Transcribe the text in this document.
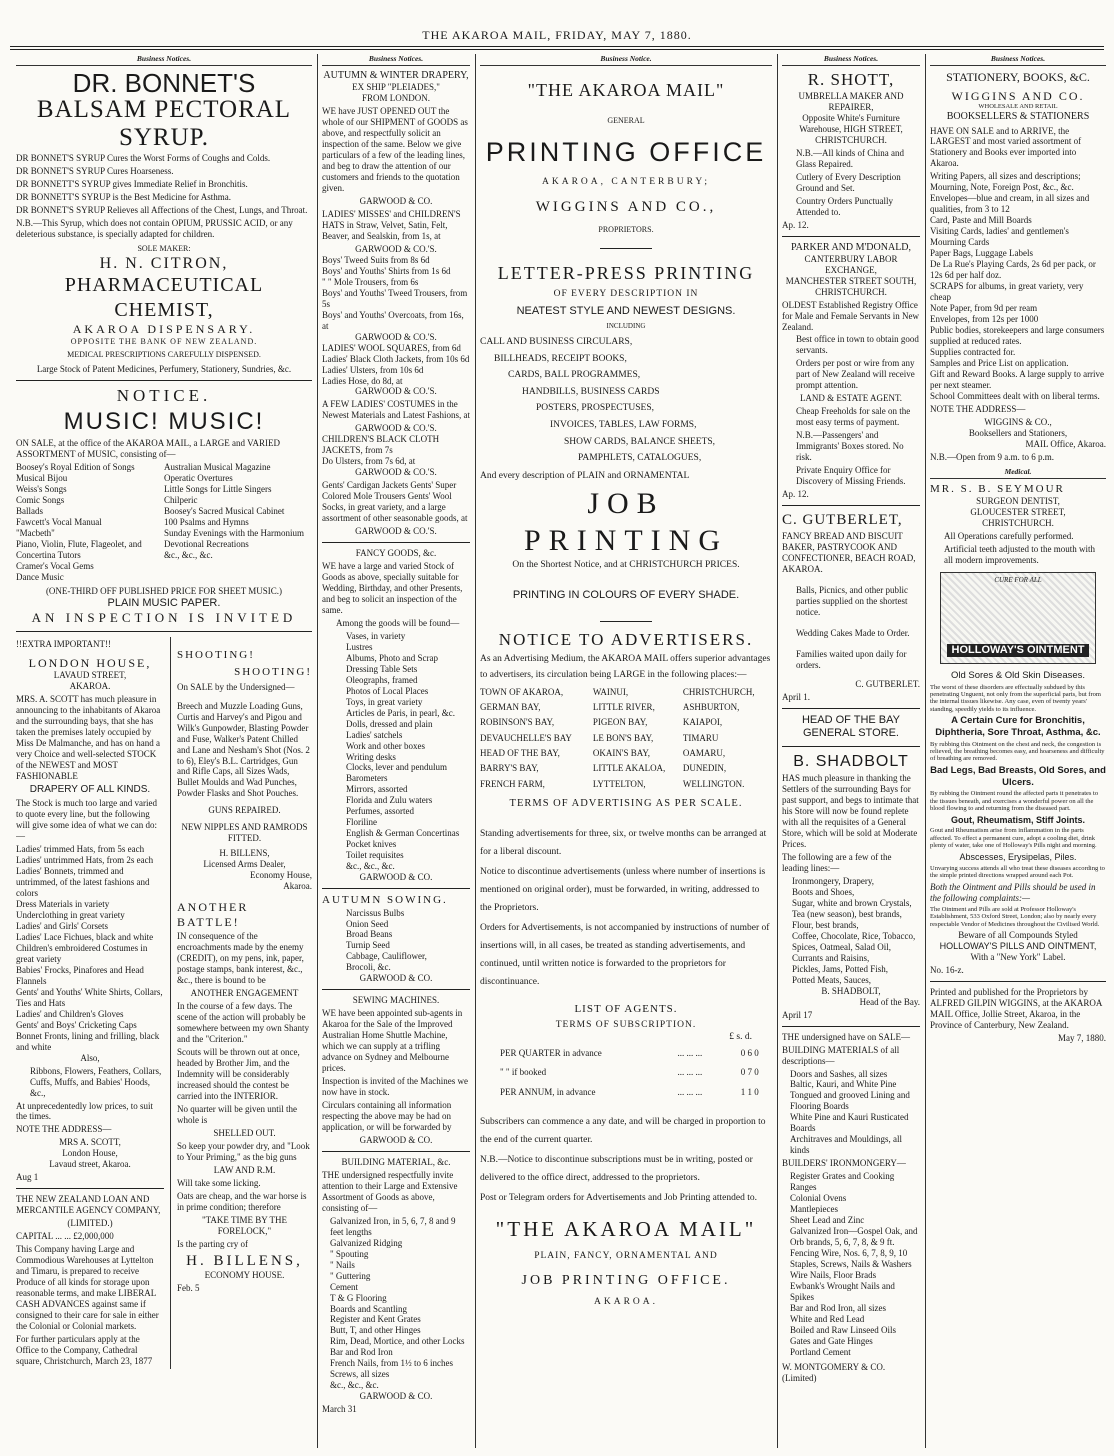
THE AKAROA MAIL, FRIDAY, MAY 7, 1880.
Business Notices.
DR. BONNET'S
BALSAM PECTORAL SYRUP.

DR BONNET'S SYRUP Cures the Worst Forms of Coughs and Colds.

DR BONNET'S SYRUP Cures Hoarseness.

DR BONNETT'S SYRUP gives Immediate Relief in Bronchitis.

DR BONNETT'S SYRUP is the Best Medicine for Asthma.

DR BONNET'S SYRUP Relieves all Affections of the Chest, Lungs, and Throat.

N.B.—This Syrup, which does not contain OPIUM, PRUSSIC ACID, or any deleterious substance, is specially adapted for children.

SOLE MAKER:
H. N. CITRON,
PHARMACEUTICAL CHEMIST,
AKAROA DISPENSARY.
OPPOSITE THE BANK OF NEW ZEALAND.
MEDICAL PRESCRIPTIONS CAREFULLY DISPENSED.
Large Stock of Patent Medicines, Perfumery, Stationery, Sundries, &c.
NOTICE.
MUSIC! MUSIC!

ON SALE, at the office of the AKAROA MAIL, a LARGE and VARIED ASSORTMENT of MUSIC, consisting of—

Boosey's Royal Edition of Songs
Musical Bijou
Weiss's Songs
Comic Songs
Ballads
Fawcett's Vocal Manual
"Macbeth"
Piano, Violin, Flute, Flageolet, and Concertina Tutors
Cramer's Vocal Gems
Dance Music
Australian Musical Magazine
Operatic Overtures
Little Songs for Little Singers
Chilperic
Boosey's Sacred Musical Cabinet
100 Psalms and Hymns
Sunday Evenings with the Harmonium
Devotional Recreations
&c., &c., &c.
(ONE-THIRD OFF PUBLISHED PRICE FOR SHEET MUSIC.)
PLAIN MUSIC PAPER.
AN INSPECTION IS INVITED

!!EXTRA IMPORTANT!!

LONDON HOUSE,
LAVAUD STREET,
AKAROA.

MRS. A. SCOTT has much pleasure in announcing to the inhabitants of Akaroa and the surrounding bays, that she has taken the premises lately occupied by Miss De Malmanche, and has on hand a very Choice and well-selected STOCK of the NEWEST and MOST FASHIONABLE

DRAPERY OF ALL KINDS.

The Stock is much too large and varied to quote every line, but the following will give some idea of what we can do:—

Ladies' trimmed Hats, from 5s each
Ladies' untrimmed Hats, from 2s each
Ladies' Bonnets, trimmed and untrimmed, of the latest fashions and colors
Dress Materials in variety
Underclothing in great variety
Ladies' and Girls' Corsets
Ladies' Lace Fichues, black and white
Children's embroidered Costumes in great variety
Babies' Frocks, Pinafores and Head Flannels
Gents' and Youths' White Shirts, Collars, Ties and Hats
Ladies' and Children's Gloves
Gents' and Boys' Cricketing Caps
Bonnet Fronts, lining and frilling, black and white
Also,

Ribbons, Flowers, Feathers, Collars, Cuffs, Muffs, and Babies' Hoods, &c.,

At unprecedentedly low prices, to suit the times.

NOTE THE ADDRESS—

MRS A. SCOTT,
London House,
Lavaud street, Akaroa.

Aug 1

THE NEW ZEALAND LOAN AND MERCANTILE AGENCY COMPANY,

(LIMITED.)

CAPITAL ... ... £2,000,000

This Company having Large and Commodious Warehouses at Lyttelton and Timaru, is prepared to receive Produce of all kinds for storage upon reasonable terms, and make LIBERAL CASH ADVANCES against same if consigned to their care for sale in either the Colonial or Colonial markets.

For further particulars apply at the Office to the Company, Cathedral square, Christchurch, March 23, 1877

SHOOTING!
SHOOTING!

On SALE by the Undersigned—

Breech and Muzzle Loading Guns, Curtis and Harvey's and Pigou and Wilk's Gunpowder, Blasting Powder and Fuse, Walker's Patent Chilled and Lane and Nesham's Shot (Nos. 2 to 6), Eley's B.L. Cartridges, Gun and Rifle Caps, all Sizes Wads, Bullet Moulds and Wad Punches, Powder Flasks and Shot Pouches.

GUNS REPAIRED.
NEW NIPPLES AND RAMRODS FITTED.
H. BILLENS,
Licensed Arms Dealer,
Economy House,
Akaroa.
ANOTHER BATTLE!

IN consequence of the encroachments made by the enemy (CREDIT), on my pens, ink, paper, postage stamps, bank interest, &c., &c., there is bound to be

ANOTHER ENGAGEMENT

In the course of a few days. The scene of the action will probably be somewhere between my own Shanty and the "Criterion."

Scouts will be thrown out at once, headed by Brother Jim, and the Indemnity will be considerably increased should the contest be carried into the INTERIOR.

No quarter will be given until the whole is

SHELLED OUT.

So keep your powder dry, and "Look to Your Priming," as the big guns

LAW AND R.M.

Will take some licking.

Oats are cheap, and the war horse is in prime condition; therefore

"TAKE TIME BY THE FORELOCK,"

Is the parting cry of

H. BILLENS,
ECONOMY HOUSE.

Feb. 5

Business Notices.
AUTUMN & WINTER DRAPERY,
EX SHIP "PLEIADES,"
FROM LONDON.

WE have JUST OPENED OUT the whole of our SHIPMENT of GOODS as above, and respectfully solicit an inspection of the same. Below we give particulars of a few of the leading lines, and beg to draw the attention of our customers and friends to the quotation given.

GARWOOD & CO.

LADIES' MISSES' and CHILDREN'S HATS in Straw, Velvet, Satin, Felt, Beaver, and Sealskin, from 1s, at

GARWOOD & CO.'S.
Boys' Tweed Suits from 8s 6d
Boys' and Youths' Shirts from 1s 6d
" " Mole Trousers, from 6s
Boys' and Youths' Tweed Trousers, from 5s
Boys' and Youths' Overcoats, from 16s, at
GARWOOD & CO.'S.
LADIES' WOOL SQUARES, from 6d
Ladies' Black Cloth Jackets, from 10s 6d
Ladies' Ulsters, from 10s 6d
Ladies Hose, do 8d, at
GARWOOD & CO.'S.

A FEW LADIES' COSTUMES in the Newest Materials and Latest Fashions, at

GARWOOD & CO.'S.
CHILDREN'S BLACK CLOTH JACKETS, from 7s
Do Ulsters, from 7s 6d, at
GARWOOD & CO.'S.

Gents' Cardigan Jackets Gents' Super Colored Mole Trousers Gents' Wool Socks, in great variety, and a large assortment of other seasonable goods, at

GARWOOD & CO.'S.
FANCY GOODS, &c.

WE have a large and varied Stock of Goods as above, specially suitable for Wedding, Birthday, and other Presents, and beg to solicit an inspection of the same.

Among the goods will be found—

Vases, in variety
Lustres
Albums, Photo and Scrap
Dressing Table Sets
Oleographs, framed
Photos of Local Places
Toys, in great variety
Articles de Paris, in pearl, &c.
Dolls, dressed and plain
Ladies' satchels
Work and other boxes
Writing desks
Clocks, lever and pendulum
Barometers
Mirrors, assorted
Florida and Zulu waters
Perfumes, assorted
Floriline
English & German Concertinas
Pocket knives
Toilet requisites
&c., &c., &c.
GARWOOD & CO.
AUTUMN SOWING.
Narcissus Bulbs
Onion Seed
Broad Beans
Turnip Seed
Cabbage, Cauliflower,
Brocoli, &c.
GARWOOD & CO.
SEWING MACHINES.

WE have been appointed sub-agents in Akaroa for the Sale of the Improved Australian Home Shuttle Machine, which we can supply at a trifling advance on Sydney and Melbourne prices.

Inspection is invited of the Machines we now have in stock.

Circulars containing all information respecting the above may be had on application, or will be forwarded by

GARWOOD & CO.
BUILDING MATERIAL, &c.

THE undersigned respectfully invite attention to their Large and Extensive Assortment of Goods as above, consisting of—

Galvanized Iron, in 5, 6, 7, 8 and 9 feet lengths
Galvanized Ridging
" Spouting
" Nails
" Guttering
Cement
T & G Flooring
Boards and Scantling
Register and Kent Grates
Butt, T, and other Hinges
Rim, Dead, Mortice, and other Locks
Bar and Rod Iron
French Nails, from 1½ to 6 inches
Screws, all sizes
&c., &c., &c.
GARWOOD & CO.

March 31

Business Notice.
"THE AKAROA MAIL"
GENERAL
PRINTING OFFICE
AKAROA, CANTERBURY;
WIGGINS AND CO.,
PROPRIETORS.
LETTER-PRESS PRINTING
OF EVERY DESCRIPTION IN
NEATEST STYLE AND NEWEST DESIGNS.
INCLUDING
CALL AND BUSINESS CIRCULARS,
BILLHEADS, RECEIPT BOOKS,
CARDS, BALL PROGRAMMES,
HANDBILLS, BUSINESS CARDS
POSTERS, PROSPECTUSES,
INVOICES, TABLES, LAW FORMS,
SHOW CARDS, BALANCE SHEETS,
PAMPHLETS, CATALOGUES,
And every description of PLAIN and ORNAMENTAL
JOB PRINTING
On the Shortest Notice, and at CHRISTCHURCH PRICES.
PRINTING IN COLOURS OF EVERY SHADE.
NOTICE TO ADVERTISERS.

As an Advertising Medium, the AKAROA MAIL offers superior advantages to advertisers, its circulation being LARGE in the following places:—

TOWN OF AKAROA,	WAINUI,	CHRISTCHURCH,
GERMAN BAY,	LITTLE RIVER,	ASHBURTON,
ROBINSON'S BAY,	PIGEON BAY,	KAIAPOI,
DEVAUCHELLE'S BAY	LE BON'S BAY,	TIMARU
HEAD OF THE BAY,	OKAIN'S BAY,	OAMARU,
BARRY'S BAY,	LITTLE AKALOA,	DUNEDIN,
FRENCH FARM,	LYTTELTON,	WELLINGTON.
TERMS OF ADVERTISING AS PER SCALE.

Standing advertisements for three, six, or twelve months can be arranged at for a liberal discount.

Notice to discontinue advertisements (unless where number of insertions is mentioned on original order), must be forwarded, in writing, addressed to the Proprietors.

Orders for Advertisements, is not accompanied by instructions of number of insertions will, in all cases, be treated as standing advertisements, and continued, until written notice is forwarded to the proprietors for discontinuance.

LIST OF AGENTS.
TERMS OF SUBSCRIPTION.
£ s. d.
PER QUARTER in advance	... ... ...	0 6 0
" " if booked	... ... ...	0 7 0
PER ANNUM, in advance	... ... ...	1 1 0

Subscribers can commence a any date, and will be charged in proportion to the end of the current quarter.

N.B.—Notice to discontinue subscriptions must be in writing, posted or delivered to the office direct, addressed to the proprietors.

Post or Telegram orders for Advertisements and Job Printing attended to.

"THE AKAROA MAIL"
PLAIN, FANCY, ORNAMENTAL AND
JOB PRINTING OFFICE.
AKAROA.
Business Notices.
R. SHOTT,
UMBRELLA MAKER AND REPAIRER,
Opposite White's Furniture Warehouse, HIGH STREET, CHRISTCHURCH.

N.B.—All kinds of China and Glass Repaired.

Cutlery of Every Description Ground and Set.

Country Orders Punctually Attended to.

Ap. 12.

PARKER AND M'DONALD,
CANTERBURY LABOR EXCHANGE,
MANCHESTER STREET SOUTH,
CHRISTCHURCH.

OLDEST Established Registry Office for Male and Female Servants in New Zealand.

Best office in town to obtain good servants.

Orders per post or wire from any part of New Zealand will receive prompt attention.

LAND & ESTATE AGENT.

Cheap Freeholds for sale on the most easy terms of payment.

N.B.—Passengers' and Immigrants' Boxes stored. No risk.

Private Enquiry Office for Discovery of Missing Friends.

Ap. 12.

C. GUTBERLET,

FANCY BREAD AND BISCUIT BAKER, PASTRYCOOK AND CONFECTIONER, BEACH ROAD, AKAROA.

Balls, Picnics, and other public parties supplied on the shortest notice.

Wedding Cakes Made to Order.

Families waited upon daily for orders.

C. GUTBERLET.

April 1.

HEAD OF THE BAY GENERAL STORE.
B. SHADBOLT

HAS much pleasure in thanking the Settlers of the surrounding Bays for past support, and begs to intimate that his Store will now be found replete with all the requisites of a General Store, which will be sold at Moderate Prices.

The following are a few of the leading lines:—

Ironmongery, Drapery,
Boots and Shoes,
Sugar, white and brown Crystals,
Tea (new season), best brands,
Flour, best brands,
Coffee, Chocolate, Rice, Tobacco,
Spices, Oatmeal, Salad Oil,
Currants and Raisins,
Pickles, Jams, Potted Fish,
Potted Meats, Sauces,
B. SHADBOLT,
Head of the Bay.

April 17

THE undersigned have on SALE—

BUILDING MATERIALS of all descriptions—

Doors and Sashes, all sizes
Baltic, Kauri, and White Pine
Tongued and grooved Lining and Flooring Boards
White Pine and Kauri Rusticated Boards
Architraves and Mouldings, all kinds

BUILDERS' IRONMONGERY—

Register Grates and Cooking Ranges
Colonial Ovens
Mantlepieces
Sheet Lead and Zinc
Galvanized Iron—Gospel Oak, and Orb brands, 5, 6, 7, 8, & 9 ft.
Fencing Wire, Nos. 6, 7, 8, 9, 10
Staples, Screws, Nails & Washers
Wire Nails, Floor Brads
Ewbank's Wrought Nails and Spikes
Bar and Rod Iron, all sizes
White and Red Lead
Boiled and Raw Linseed Oils
Gates and Gate Hinges
Portland Cement

W. MONTGOMERY & CO. (Limited)

Business Notices.
STATIONERY, BOOKS, &C.
WIGGINS AND CO.
WHOLESALE AND RETAIL
BOOKSELLERS & STATIONERS

HAVE ON SALE and to ARRIVE, the LARGEST and most varied assortment of Stationery and Books ever imported into Akaroa.

Writing Papers, all sizes and descriptions; Mourning, Note, Foreign Post, &c., &c.
Envelopes—blue and cream, in all sizes and qualities, from 3 to 12
Card, Paste and Mill Boards
Visiting Cards, ladies' and gentlemen's Mourning Cards
Paper Bags, Luggage Labels
De La Rue's Playing Cards, 2s 6d per pack, or 12s 6d per half doz.
SCRAPS for albums, in great variety, very cheap
Note Paper, from 9d per ream
Envelopes, from 12s per 1000
Public bodies, storekeepers and large consumers supplied at reduced rates.
Supplies contracted for.
Samples and Price List on application.
Gift and Reward Books. A large supply to arrive per next steamer.
School Committees dealt with on liberal terms.

NOTE THE ADDRESS—

WIGGINS & CO.,
Booksellers and Stationers,
MAIL Office, Akaroa.

N.B.—Open from 9 a.m. to 6 p.m.

Medical.
MR. S. B. SEYMOUR
SURGEON DENTIST,
GLOUCESTER STREET,
CHRISTCHURCH.

All Operations carefully performed.

Artificial teeth adjusted to the mouth with all modern improvements.

CURE FOR ALL
HOLLOWAY'S OINTMENT
Old Sores & Old Skin Diseases.

The worst of these disorders are effectually subdued by this penetrating Unguent, not only from the superficial parts, but from the internal tissues likewise. Any case, even of twenty years' standing, speedily yields to its influence.

A Certain Cure for Bronchitis, Diphtheria, Sore Throat, Asthma, &c.

By rubbing this Ointment on the chest and neck, the congestion is relieved, the breathing becomes easy, and hoarseness and difficulty of breathing are removed.

Bad Legs, Bad Breasts, Old Sores, and Ulcers.

By rubbing the Ointment round the affected parts it penetrates to the tissues beneath, and exercises a wonderful power on all the blood flowing to and returning from the diseased part.

Gout, Rheumatism, Stiff Joints.

Gout and Rheumatism arise from inflammation in the parts affected. To effect a permanent cure, adopt a cooling diet, drink plenty of water, take one of Holloway's Pills night and morning.

Abscesses, Erysipelas, Piles.

Unvarying success attends all who treat these diseases according to the simple printed directions wrapped around each Pot.

Both the Ointment and Pills should be used in the following complaints:—

The Ointment and Pills are sold at Professor Holloway's Establishment, 533 Oxford Street, London; also by nearly every respectable Vendor of Medicines throughout the Civilised World.

Beware of all Compounds Styled
HOLLOWAY'S PILLS AND OINTMENT,
With a "New York" Label.

No. 16-z.

Printed and published for the Proprietors by ALFRED GILPIN WIGGINS, at the AKAROA MAIL Office, Jollie Street, Akaroa, in the Province of Canterbury, New Zealand.

May 7, 1880.
